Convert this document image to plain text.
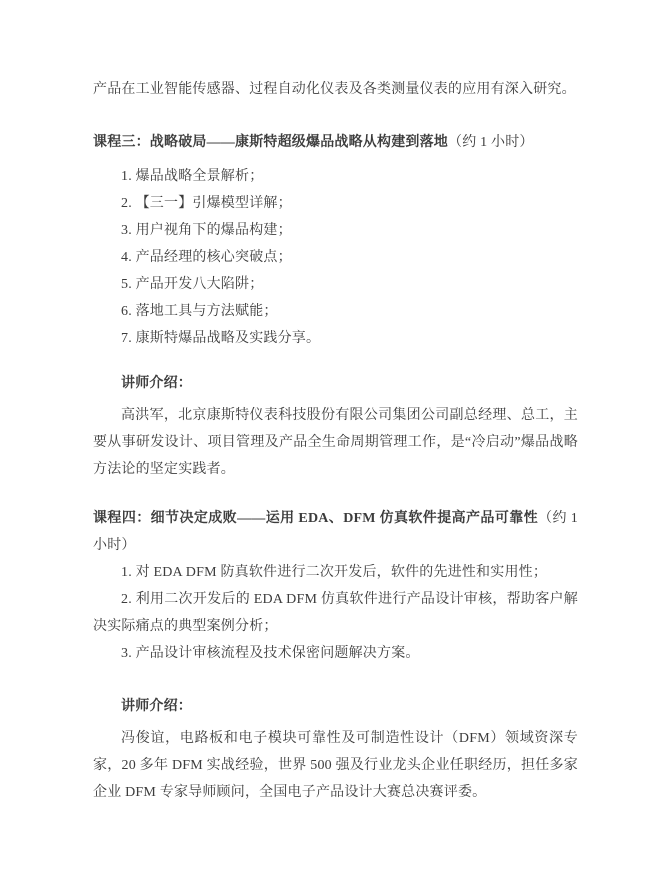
产品在工业智能传感器、过程自动化仪表及各类测量仪表的应用有深入研究。

课程三：战略破局——康斯特超级爆品战略从构建到落地（约 1 小时）

1. 爆品战略全景解析；

2. 【三一】引爆模型详解；

3. 用户视角下的爆品构建；

4. 产品经理的核心突破点；

5. 产品开发八大陷阱；

6. 落地工具与方法赋能；

7. 康斯特爆品战略及实践分享。

讲师介绍：

高洪军，北京康斯特仪表科技股份有限公司集团公司副总经理、总工，主要从事研发设计、项目管理及产品全生命周期管理工作，是“冷启动”爆品战略方法论的坚定实践者。

课程四：细节决定成败——运用 EDA、DFM 仿真软件提高产品可靠性（约 1 小时）

1. 对 EDA DFM 防真软件进行二次开发后，软件的先进性和实用性；

2. 利用二次开发后的 EDA DFM 仿真软件进行产品设计审核，帮助客户解决实际痛点的典型案例分析；

3. 产品设计审核流程及技术保密问题解决方案。

讲师介绍：

冯俊谊，电路板和电子模块可靠性及可制造性设计（DFM）领域资深专家，20 多年 DFM 实战经验，世界 500 强及行业龙头企业任职经历，担任多家企业 DFM 专家导师顾问，全国电子产品设计大赛总决赛评委。
